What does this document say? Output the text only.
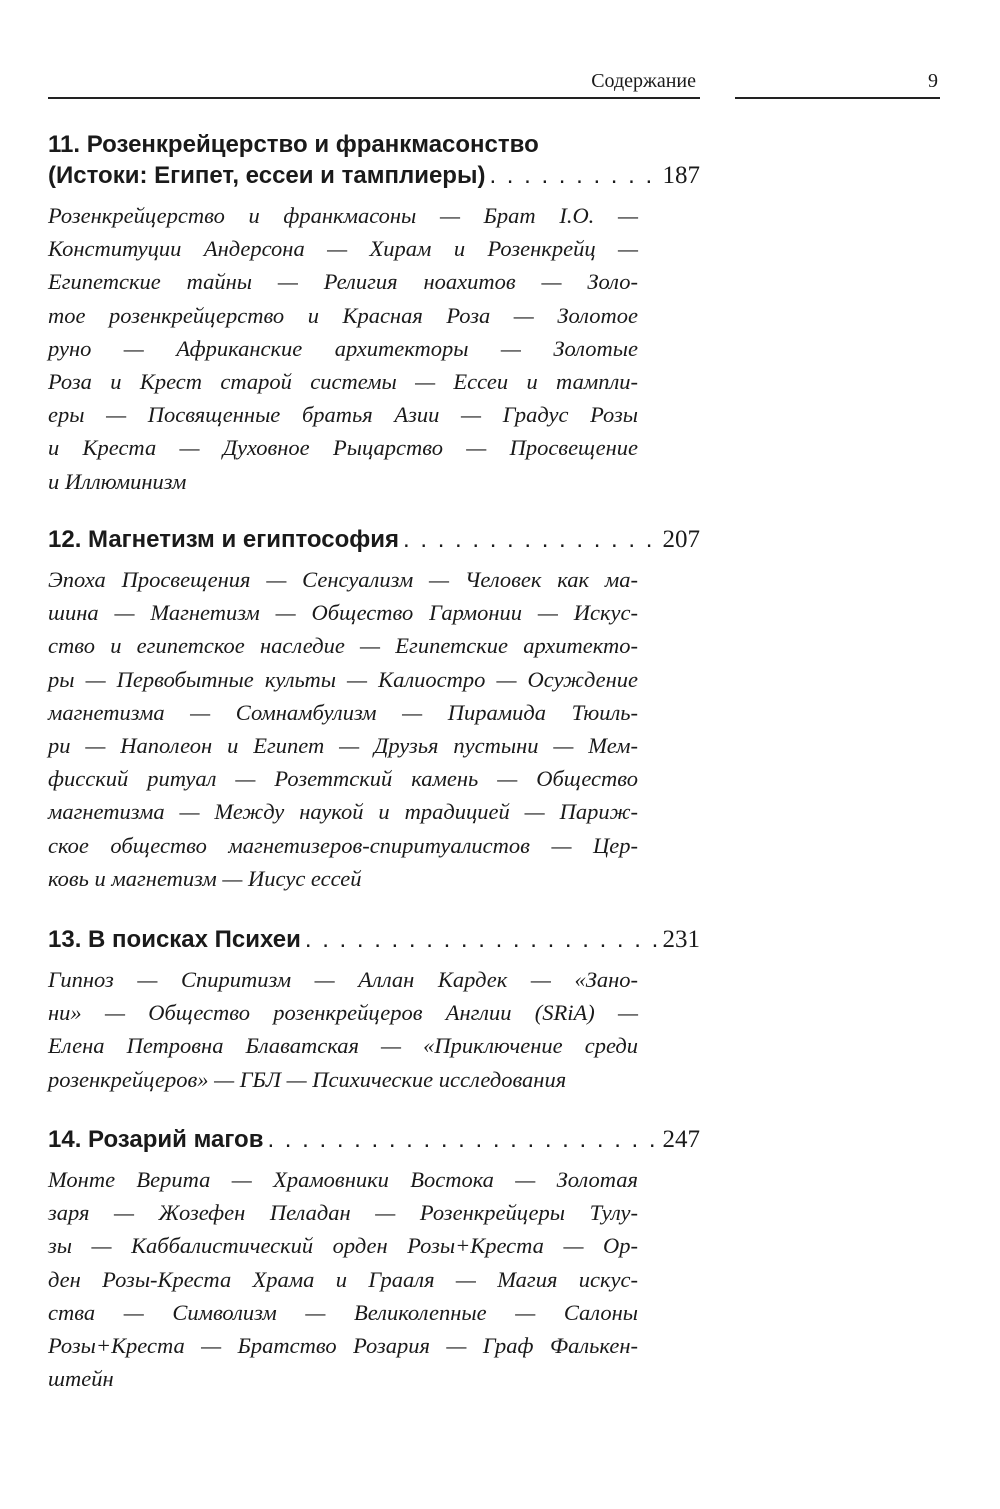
Содержание	9
11. Розенкрейцерство и франкмасонство
(Истоки: Египет, ессеи и тамплиеры) . . .	187
Розенкрейцерство и франкмасоны — Брат I.O. —
Конституции Андерсона — Хирам и Розенкрейц —
Египетские тайны — Религия ноахитов — Золо-
тое розенкрейцерство и Красная Роза — Золотое
руно — Африканские архитекторы — Золотые
Роза и Крест старой системы — Ессеи и тампли-
еры — Посвященные братья Азии — Градус Розы
и Креста — Духовное Рыцарство — Просвещение
и Иллюминизм
12. Магнетизм и египтософия . . .	207
Эпоха Просвещения — Сенсуализм — Человек как ма-
шина — Магнетизм — Общество Гармонии — Искус-
ство и египетское наследие — Египетские архитекто-
ры — Первобытные культы — Калиостро — Осуждение
магнетизма — Сомнамбулизм — Пирамида Тюиль-
ри — Наполеон и Египет — Друзья пустыни — Мем-
фисский ритуал — Розеттский камень — Общество
магнетизма — Между наукой и традицией — Париж-
ское общество магнетизеров-спиритуалистов — Цер-
ковь и магнетизм — Иисус ессей
13. В поисках Психеи . . .	231
Гипноз — Спиритизм — Аллан Кардек — «Зано-
ни» — Общество розенкрейцеров Англии (SRiA) —
Елена Петровна Блаватская — «Приключение среди
розенкрейцеров» — ГБЛ — Психические исследования
14. Розарий магов . . .	247
Монте Верита — Храмовники Востока — Золотая
заря — Жозефен Пеладан — Розенкрейцеры Тулу-
зы — Каббалистический орден Розы+Креста — Ор-
ден Розы-Креста Храма и Грааля — Магия искус-
ства — Символизм — Великолепные — Салоны
Розы+Креста — Братство Розария — Граф Фалькен-
штейн
